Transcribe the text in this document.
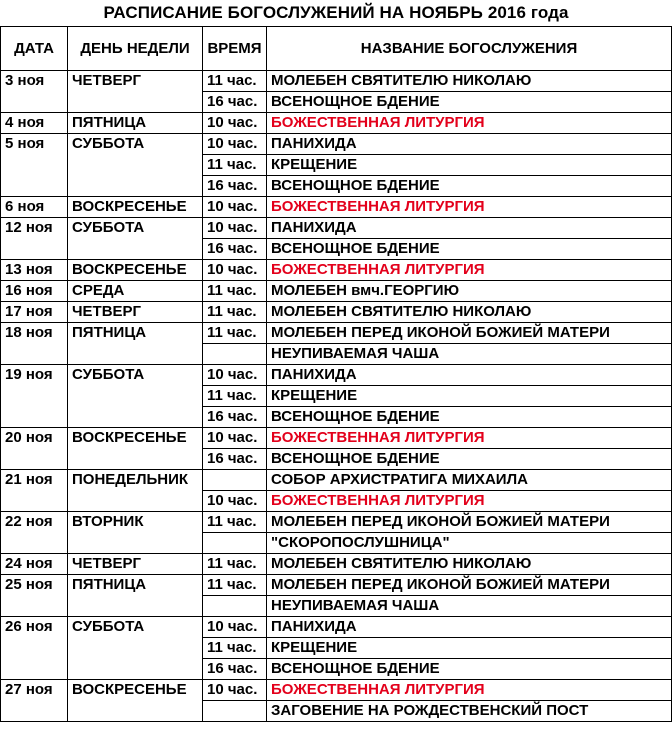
РАСПИСАНИЕ БОГОСЛУЖЕНИЙ НА НОЯБРЬ 2016 года
ДАТА	ДЕНЬ НЕДЕЛИ	ВРЕМЯ	НАЗВАНИЕ БОГОСЛУЖЕНИЯ
3 ноя	ЧЕТВЕРГ	11 час.	МОЛЕБЕН СВЯТИТЕЛЮ НИКОЛАЮ
		16 час.	ВСЕНОЩНОЕ БДЕНИЕ
4 ноя	ПЯТНИЦА	10 час.	БОЖЕСТВЕННАЯ ЛИТУРГИЯ
5 ноя	СУББОТА	10 час.	ПАНИХИДА
		11 час.	КРЕЩЕНИЕ
		16 час.	ВСЕНОЩНОЕ БДЕНИЕ
6 ноя	ВОСКРЕСЕНЬЕ	10 час.	БОЖЕСТВЕННАЯ ЛИТУРГИЯ
12 ноя	СУББОТА	10 час.	ПАНИХИДА
		16 час.	ВСЕНОЩНОЕ БДЕНИЕ
13 ноя	ВОСКРЕСЕНЬЕ	10 час.	БОЖЕСТВЕННАЯ ЛИТУРГИЯ
16 ноя	СРЕДА	11 час.	МОЛЕБЕН вмч.ГЕОРГИЮ
17 ноя	ЧЕТВЕРГ	11 час.	МОЛЕБЕН СВЯТИТЕЛЮ НИКОЛАЮ
18 ноя	ПЯТНИЦА	11 час.	МОЛЕБЕН ПЕРЕД ИКОНОЙ БОЖИЕЙ МАТЕРИ
			НЕУПИВАЕМАЯ ЧАША
19 ноя	СУББОТА	10 час.	ПАНИХИДА
		11 час.	КРЕЩЕНИЕ
		16 час.	ВСЕНОЩНОЕ БДЕНИЕ
20 ноя	ВОСКРЕСЕНЬЕ	10 час.	БОЖЕСТВЕННАЯ ЛИТУРГИЯ
		16 час.	ВСЕНОЩНОЕ БДЕНИЕ
21 ноя	ПОНЕДЕЛЬНИК		СОБОР АРХИСТРАТИГА МИХАИЛА
		10 час.	БОЖЕСТВЕННАЯ ЛИТУРГИЯ
22 ноя	ВТОРНИК	11 час.	МОЛЕБЕН ПЕРЕД ИКОНОЙ БОЖИЕЙ МАТЕРИ
			"СКОРОПОСЛУШНИЦА"
24 ноя	ЧЕТВЕРГ	11 час.	МОЛЕБЕН СВЯТИТЕЛЮ НИКОЛАЮ
25 ноя	ПЯТНИЦА	11 час.	МОЛЕБЕН ПЕРЕД ИКОНОЙ БОЖИЕЙ МАТЕРИ
			НЕУПИВАЕМАЯ ЧАША
26 ноя	СУББОТА	10 час.	ПАНИХИДА
		11 час.	КРЕЩЕНИЕ
		16 час.	ВСЕНОЩНОЕ БДЕНИЕ
27 ноя	ВОСКРЕСЕНЬЕ	10 час.	БОЖЕСТВЕННАЯ ЛИТУРГИЯ
			ЗАГОВЕНИЕ НА РОЖДЕСТВЕНСКИЙ ПОСТ
